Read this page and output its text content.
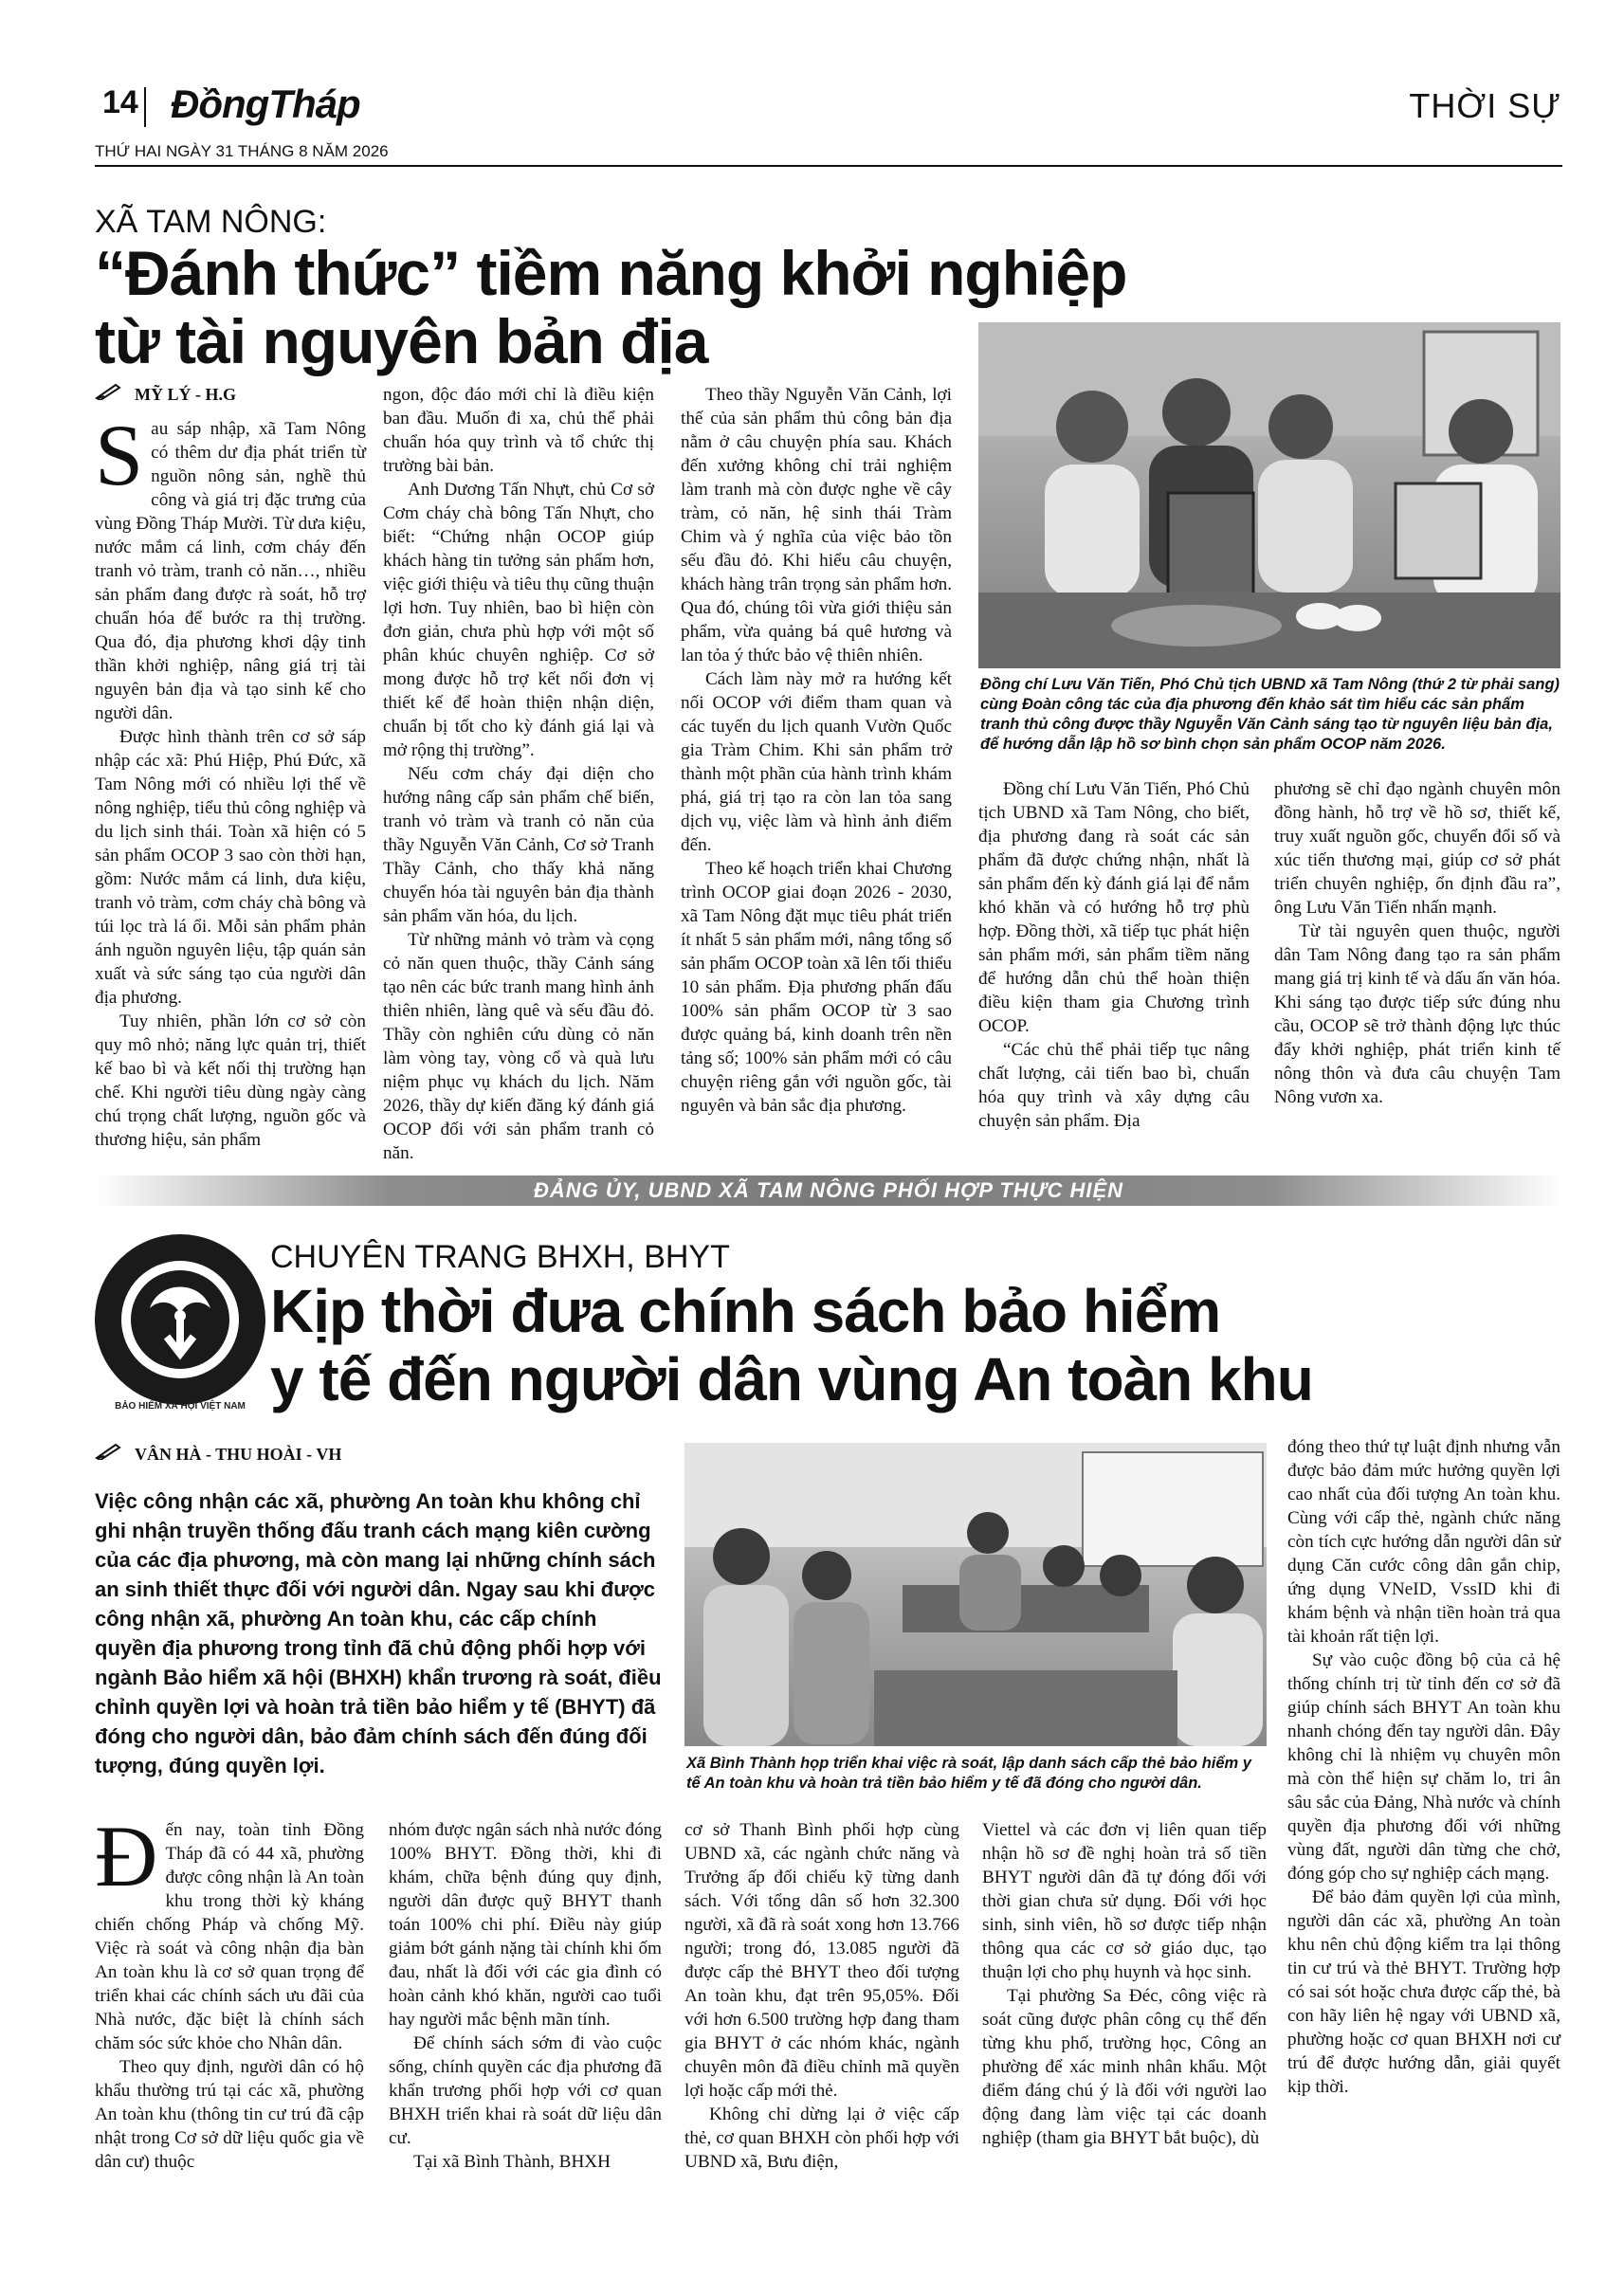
14 ĐồngTháp
THỨ HAI NGÀY 31 THÁNG 8 NĂM 2026
THỜI SỰ
XÃ TAM NÔNG:
“Đánh thức” tiềm năng khởi nghiệp
từ tài nguyên bản địa
MỸ LÝ - H.G

Sau sáp nhập, xã Tam Nông có thêm dư địa phát triển từ nguồn nông sản, nghề thủ công và giá trị đặc trưng của vùng Đồng Tháp Mười. Từ dưa kiệu, nước mắm cá linh, cơm cháy đến tranh vỏ tràm, tranh cỏ năn…, nhiều sản phẩm đang được rà soát, hỗ trợ chuẩn hóa để bước ra thị trường. Qua đó, địa phương khơi dậy tinh thần khởi nghiệp, nâng giá trị tài nguyên bản địa và tạo sinh kế cho người dân.

Được hình thành trên cơ sở sáp nhập các xã: Phú Hiệp, Phú Đức, xã Tam Nông mới có nhiều lợi thế về nông nghiệp, tiểu thủ công nghiệp và du lịch sinh thái. Toàn xã hiện có 5 sản phẩm OCOP 3 sao còn thời hạn, gồm: Nước mắm cá linh, dưa kiệu, tranh vỏ tràm, cơm cháy chà bông và túi lọc trà lá ổi. Mỗi sản phẩm phản ánh nguồn nguyên liệu, tập quán sản xuất và sức sáng tạo của người dân địa phương.

Tuy nhiên, phần lớn cơ sở còn quy mô nhỏ; năng lực quản trị, thiết kế bao bì và kết nối thị trường hạn chế. Khi người tiêu dùng ngày càng chú trọng chất lượng, nguồn gốc và thương hiệu, sản phẩm

ngon, độc đáo mới chỉ là điều kiện ban đầu. Muốn đi xa, chủ thể phải chuẩn hóa quy trình và tổ chức thị trường bài bản.

Anh Dương Tấn Nhựt, chủ Cơ sở Cơm cháy chà bông Tấn Nhựt, cho biết: “Chứng nhận OCOP giúp khách hàng tin tưởng sản phẩm hơn, việc giới thiệu và tiêu thụ cũng thuận lợi hơn. Tuy nhiên, bao bì hiện còn đơn giản, chưa phù hợp với một số phân khúc chuyên nghiệp. Cơ sở mong được hỗ trợ kết nối đơn vị thiết kế để hoàn thiện nhận diện, chuẩn bị tốt cho kỳ đánh giá lại và mở rộng thị trường”.

Nếu cơm cháy đại diện cho hướng nâng cấp sản phẩm chế biến, tranh vỏ tràm và tranh cỏ năn của thầy Nguyễn Văn Cảnh, Cơ sở Tranh Thầy Cảnh, cho thấy khả năng chuyển hóa tài nguyên bản địa thành sản phẩm văn hóa, du lịch.

Từ những mảnh vỏ tràm và cọng cỏ năn quen thuộc, thầy Cảnh sáng tạo nên các bức tranh mang hình ảnh thiên nhiên, làng quê và sếu đầu đỏ. Thầy còn nghiên cứu dùng cỏ năn làm vòng tay, vòng cổ và quà lưu niệm phục vụ khách du lịch. Năm 2026, thầy dự kiến đăng ký đánh giá OCOP đối với sản phẩm tranh cỏ năn.

Theo thầy Nguyễn Văn Cảnh, lợi thế của sản phẩm thủ công bản địa nằm ở câu chuyện phía sau. Khách đến xưởng không chỉ trải nghiệm làm tranh mà còn được nghe về cây tràm, cỏ năn, hệ sinh thái Tràm Chim và ý nghĩa của việc bảo tồn sếu đầu đỏ. Khi hiểu câu chuyện, khách hàng trân trọng sản phẩm hơn. Qua đó, chúng tôi vừa giới thiệu sản phẩm, vừa quảng bá quê hương và lan tỏa ý thức bảo vệ thiên nhiên.

Cách làm này mở ra hướng kết nối OCOP với điểm tham quan và các tuyến du lịch quanh Vườn Quốc gia Tràm Chim. Khi sản phẩm trở thành một phần của hành trình khám phá, giá trị tạo ra còn lan tỏa sang dịch vụ, việc làm và hình ảnh điểm đến.

Theo kế hoạch triển khai Chương trình OCOP giai đoạn 2026 - 2030, xã Tam Nông đặt mục tiêu phát triển ít nhất 5 sản phẩm mới, nâng tổng số sản phẩm OCOP toàn xã lên tối thiểu 10 sản phẩm. Địa phương phấn đấu 100% sản phẩm OCOP từ 3 sao được quảng bá, kinh doanh trên nền tảng số; 100% sản phẩm mới có câu chuyện riêng gắn với nguồn gốc, tài nguyên và bản sắc địa phương.

Đồng chí Lưu Văn Tiến, Phó Chủ tịch UBND xã Tam Nông (thứ 2 từ phải sang) cùng Đoàn công tác của địa phương đến khảo sát tìm hiểu các sản phẩm tranh thủ công được thầy Nguyễn Văn Cảnh sáng tạo từ nguyên liệu bản địa, để hướng dẫn lập hồ sơ bình chọn sản phẩm OCOP năm 2026.

Đồng chí Lưu Văn Tiến, Phó Chủ tịch UBND xã Tam Nông, cho biết, địa phương đang rà soát các sản phẩm đã được chứng nhận, nhất là sản phẩm đến kỳ đánh giá lại để nắm khó khăn và có hướng hỗ trợ phù hợp. Đồng thời, xã tiếp tục phát hiện sản phẩm mới, sản phẩm tiềm năng để hướng dẫn chủ thể hoàn thiện điều kiện tham gia Chương trình OCOP.

“Các chủ thể phải tiếp tục nâng chất lượng, cải tiến bao bì, chuẩn hóa quy trình và xây dựng câu chuyện sản phẩm. Địa

phương sẽ chỉ đạo ngành chuyên môn đồng hành, hỗ trợ về hồ sơ, thiết kế, truy xuất nguồn gốc, chuyển đổi số và xúc tiến thương mại, giúp cơ sở phát triển chuyên nghiệp, ổn định đầu ra”, ông Lưu Văn Tiến nhấn mạnh.

Từ tài nguyên quen thuộc, người dân Tam Nông đang tạo ra sản phẩm mang giá trị kinh tế và dấu ấn văn hóa. Khi sáng tạo được tiếp sức đúng nhu cầu, OCOP sẽ trở thành động lực thúc đẩy khởi nghiệp, phát triển kinh tế nông thôn và đưa câu chuyện Tam Nông vươn xa.

ĐẢNG ỦY, UBND XÃ TAM NÔNG PHỐI HỢP THỰC HIỆN
BẢO HIỂM XÃ HỘI VIỆT NAM
CHUYÊN TRANG BHXH, BHYT
Kịp thời đưa chính sách bảo hiểm
y tế đến người dân vùng An toàn khu
VÂN HÀ - THU HOÀI - VH
Việc công nhận các xã, phường An toàn khu không chỉ ghi nhận truyền thống đấu tranh cách mạng kiên cường của các địa phương, mà còn mang lại những chính sách an sinh thiết thực đối với người dân. Ngay sau khi được công nhận xã, phường An toàn khu, các cấp chính quyền địa phương trong tỉnh đã chủ động phối hợp với ngành Bảo hiểm xã hội (BHXH) khẩn trương rà soát, điều chỉnh quyền lợi và hoàn trả tiền bảo hiểm y tế (BHYT) đã đóng cho người dân, bảo đảm chính sách đến đúng đối tượng, đúng quyền lợi.	Xã Bình Thành họp triển khai việc rà soát, lập danh sách cấp thẻ bảo hiểm y tế An toàn khu và hoàn trả tiền bảo hiểm y tế đã đóng cho người dân.

Đến nay, toàn tỉnh Đồng Tháp đã có 44 xã, phường được công nhận là An toàn khu trong thời kỳ kháng chiến chống Pháp và chống Mỹ. Việc rà soát và công nhận địa bàn An toàn khu là cơ sở quan trọng để triển khai các chính sách ưu đãi của Nhà nước, đặc biệt là chính sách chăm sóc sức khỏe cho Nhân dân.

Theo quy định, người dân có hộ khẩu thường trú tại các xã, phường An toàn khu (thông tin cư trú đã cập nhật trong Cơ sở dữ liệu quốc gia về dân cư) thuộc

nhóm được ngân sách nhà nước đóng 100% BHYT. Đồng thời, khi đi khám, chữa bệnh đúng quy định, người dân được quỹ BHYT thanh toán 100% chi phí. Điều này giúp giảm bớt gánh nặng tài chính khi ốm đau, nhất là đối với các gia đình có hoàn cảnh khó khăn, người cao tuổi hay người mắc bệnh mãn tính.

Để chính sách sớm đi vào cuộc sống, chính quyền các địa phương đã khẩn trương phối hợp với cơ quan BHXH triển khai rà soát dữ liệu dân cư.

Tại xã Bình Thành, BHXH

cơ sở Thanh Bình phối hợp cùng UBND xã, các ngành chức năng và Trưởng ấp đối chiếu kỹ từng danh sách. Với tổng dân số hơn 32.300 người, xã đã rà soát xong hơn 13.766 người; trong đó, 13.085 người đã được cấp thẻ BHYT theo đối tượng An toàn khu, đạt trên 95,05%. Đối với hơn 6.500 trường hợp đang tham gia BHYT ở các nhóm khác, ngành chuyên môn đã điều chỉnh mã quyền lợi hoặc cấp mới thẻ.

Không chỉ dừng lại ở việc cấp thẻ, cơ quan BHXH còn phối hợp với UBND xã, Bưu điện,

Viettel và các đơn vị liên quan tiếp nhận hồ sơ đề nghị hoàn trả số tiền BHYT người dân đã tự đóng đối với thời gian chưa sử dụng. Đối với học sinh, sinh viên, hồ sơ được tiếp nhận thông qua các cơ sở giáo dục, tạo thuận lợi cho phụ huynh và học sinh.

Tại phường Sa Đéc, công việc rà soát cũng được phân công cụ thể đến từng khu phố, trường học, Công an phường để xác minh nhân khẩu. Một điểm đáng chú ý là đối với người lao động đang làm việc tại các doanh nghiệp (tham gia BHYT bắt buộc), dù

đóng theo thứ tự luật định nhưng vẫn được bảo đảm mức hưởng quyền lợi cao nhất của đối tượng An toàn khu. Cùng với cấp thẻ, ngành chức năng còn tích cực hướng dẫn người dân sử dụng Căn cước công dân gắn chip, ứng dụng VNeID, VssID khi đi khám bệnh và nhận tiền hoàn trả qua tài khoản rất tiện lợi.

Sự vào cuộc đồng bộ của cả hệ thống chính trị từ tỉnh đến cơ sở đã giúp chính sách BHYT An toàn khu nhanh chóng đến tay người dân. Đây không chỉ là nhiệm vụ chuyên môn mà còn thể hiện sự chăm lo, tri ân sâu sắc của Đảng, Nhà nước và chính quyền địa phương đối với những vùng đất, người dân từng che chở, đóng góp cho sự nghiệp cách mạng.

Để bảo đảm quyền lợi của mình, người dân các xã, phường An toàn khu nên chủ động kiểm tra lại thông tin cư trú và thẻ BHYT. Trường hợp có sai sót hoặc chưa được cấp thẻ, bà con hãy liên hệ ngay với UBND xã, phường hoặc cơ quan BHXH nơi cư trú để được hướng dẫn, giải quyết kịp thời.
